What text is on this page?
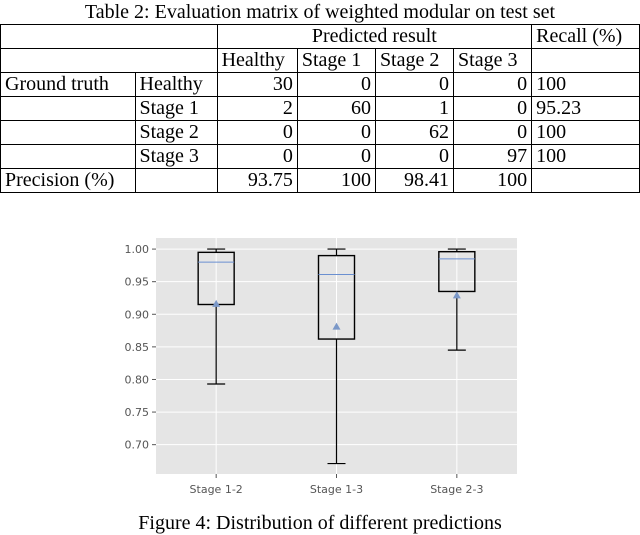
Table 2: Evaluation matrix of weighted modular on test set
		Predicted result				Recall (%)
		Healthy	Stage 1	Stage 2	Stage 3	
Ground truth	Healthy	30	0	0	0	100
	Stage 1	2	60	1	0	95.23
	Stage 2	0	0	62	0	100
	Stage 3	0	0	0	97	100
Precision (%)		93.75	100	98.41	100	
0.70
0.75
0.80
0.85
0.90
0.95
1.00
Stage 1-2	Stage 1-3	Stage 2-3
Figure 4: Distribution of different predictions
